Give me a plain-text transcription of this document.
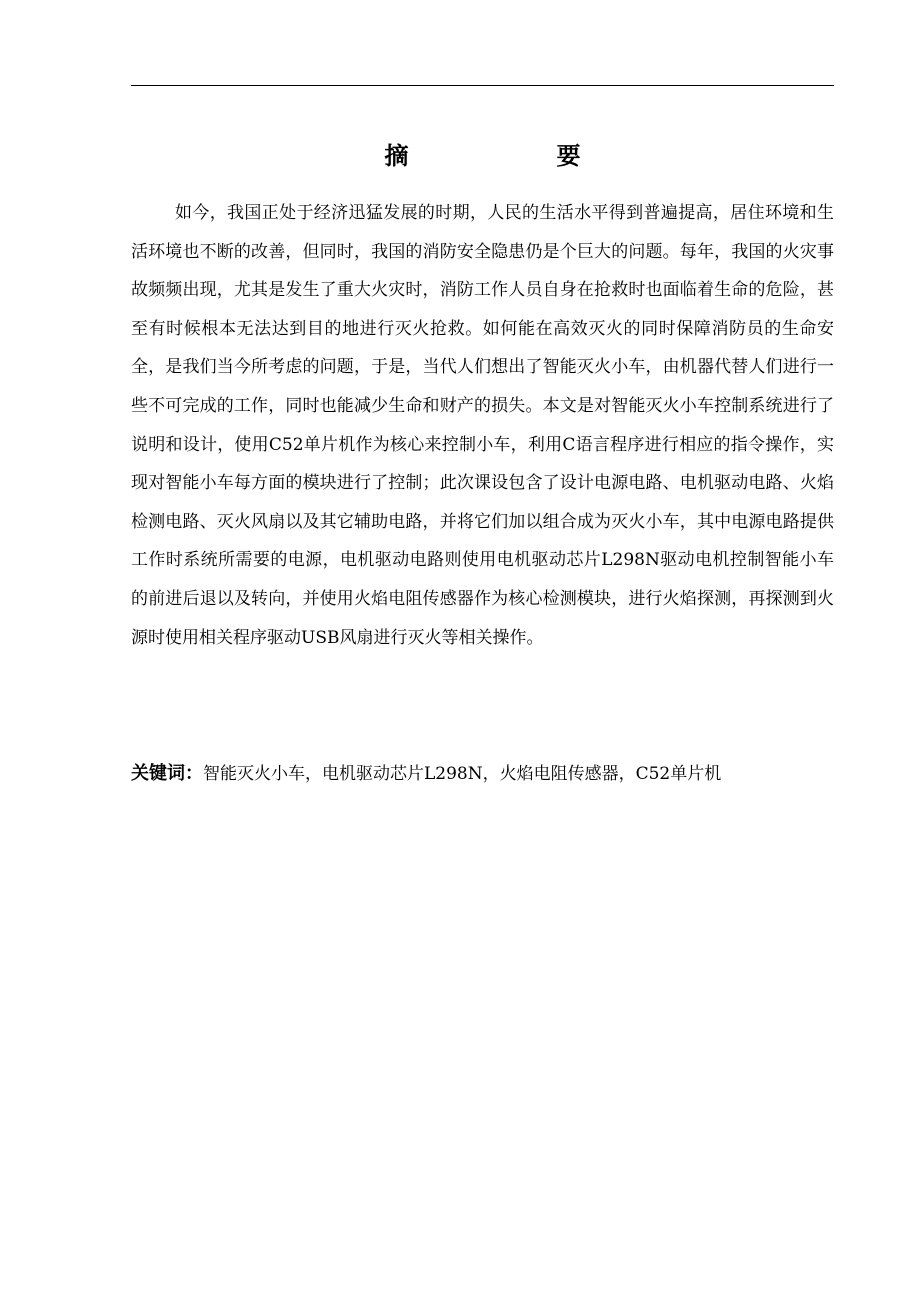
摘　要

如今，我国正处于经济迅猛发展的时期，人民的生活水平得到普遍提高，居住环境和生活环境也不断的改善，但同时，我国的消防安全隐患仍是个巨大的问题。每年，我国的火灾事故频频出现，尤其是发生了重大火灾时，消防工作人员自身在抢救时也面临着生命的危险，甚至有时候根本无法达到目的地进行灭火抢救。如何能在高效灭火的同时保障消防员的生命安全，是我们当今所考虑的问题，于是，当代人们想出了智能灭火小车，由机器代替人们进行一些不可完成的工作，同时也能减少生命和财产的损失。本文是对智能灭火小车控制系统进行了说明和设计，使用C52单片机作为核心来控制小车，利用C语言程序进行相应的指令操作，实现对智能小车每方面的模块进行了控制；此次课设包含了设计电源电路、电机驱动电路、火焰检测电路、灭火风扇以及其它辅助电路，并将它们加以组合成为灭火小车，其中电源电路提供工作时系统所需要的电源，电机驱动电路则使用电机驱动芯片L298N驱动电机控制智能小车的前进后退以及转向，并使用火焰电阻传感器作为核心检测模块，进行火焰探测，再探测到火源时使用相关程序驱动USB风扇进行灭火等相关操作。

关键词：智能灭火小车，电机驱动芯片L298N，火焰电阻传感器，C52单片机
